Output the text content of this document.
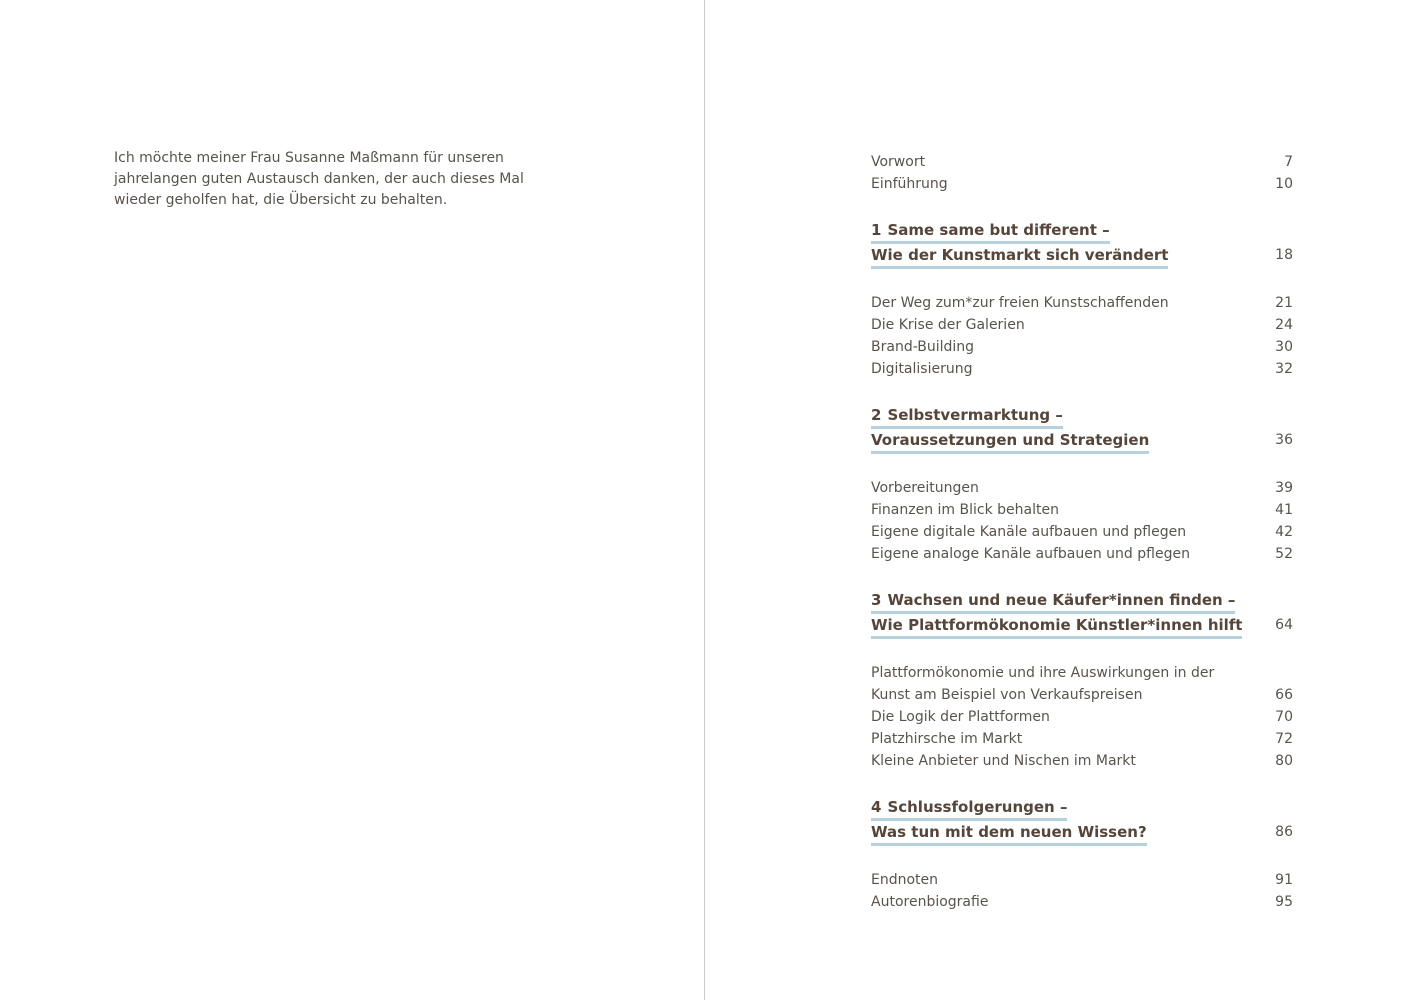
Ich möchte meiner Frau Susanne Maßmann für unseren

jahrelangen guten Austausch danken, der auch dieses Mal

wieder geholfen hat, die Übersicht zu behalten.

Vorwort	7
Einführung	10
1 Same same but different –
Wie der Kunstmarkt sich verändert	18
Der Weg zum*zur freien Kunstschaffenden	21
Die Krise der Galerien	24
Brand-Building	30
Digitalisierung	32
2 Selbstvermarktung –
Voraussetzungen und Strategien	36
Vorbereitungen	39
Finanzen im Blick behalten	41
Eigene digitale Kanäle aufbauen und pflegen	42
Eigene analoge Kanäle aufbauen und pflegen	52
3 Wachsen und neue Käufer*innen finden –
Wie Plattformökonomie Künstler*innen hilft	64
Plattformökonomie und ihre Auswirkungen in der Kunst am Beispiel von Verkaufspreisen	66
Die Logik der Plattformen	70
Platzhirsche im Markt	72
Kleine Anbieter und Nischen im Markt	80
4 Schlussfolgerungen –
Was tun mit dem neuen Wissen?	86
Endnoten	91
Autorenbiografie	95
